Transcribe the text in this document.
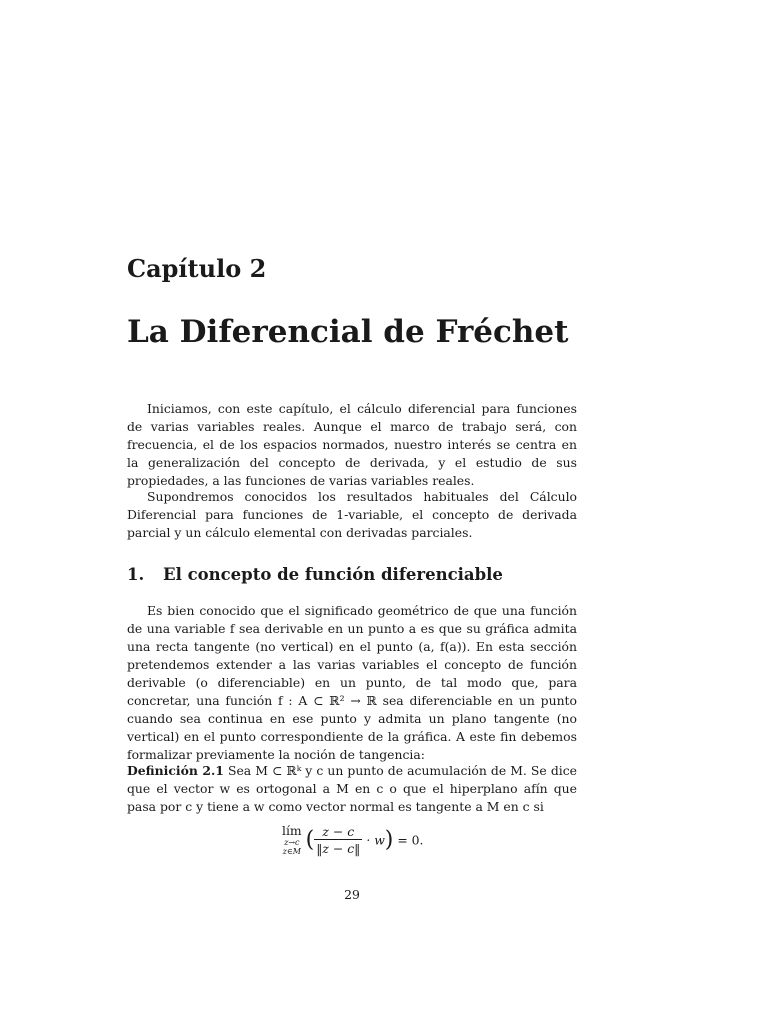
Capítulo 2
La Diferencial de Fréchet

Iniciamos, con este capítulo, el cálculo diferencial para funciones de varias variables reales. Aunque el marco de trabajo será, con frecuencia, el de los espacios normados, nuestro interés se centra en la generalización del concepto de derivada, y el estudio de sus propiedades, a las funciones de varias variables reales.

Supondremos conocidos los resultados habituales del Cálculo Diferencial para funciones de 1-variable, el concepto de derivada parcial y un cálculo elemental con derivadas parciales.

1. El concepto de función diferenciable

Es bien conocido que el significado geométrico de que una función de una variable f sea derivable en un punto a es que su gráfica admita una recta tangente (no vertical) en el punto (a, f(a)). En esta sección pretendemos extender a las varias variables el concepto de función derivable (o diferenciable) en un punto, de tal modo que, para concretar, una función f : A ⊂ ℝ² → ℝ sea diferenciable en un punto cuando sea continua en ese punto y admita un plano tangente (no vertical) en el punto correspondiente de la gráfica. A este fin debemos formalizar previamente la noción de tangencia:

Definición 2.1 Sea M ⊂ ℝᵏ y c un punto de acumulación de M. Se dice que el vector w es ortogonal a M en c o que el hiperplano afín que pasa por c y tiene a w como vector normal es tangente a M en c si

lím
z→c
z∈M ( $\frac{z - c}{‖z - c‖} \cdot w) = 0$.
29
